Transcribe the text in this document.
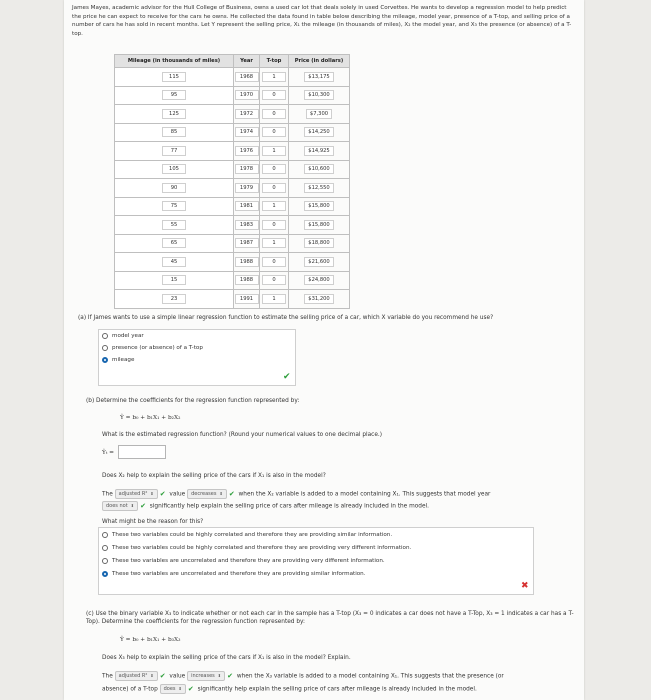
James Mayes, academic advisor for the Hull College of Business, owns a used car lot that deals solely in used Corvettes. He wants to develop a regression model to help predict the price he can expect to receive for the cars he owns. He collected the data found in table below describing the mileage, model year, presence of a T-top, and selling price of a number of cars he has sold in recent months. Let Y represent the selling price, X₁ the mileage (in thousands of miles), X₂ the model year, and X₃ the presence (or absence) of a T-top.
Mileage (in thousands of miles)	Year	T-top	Price (in dollars)
115	1968	1	$13,175
95	1970	0	$10,300
125	1972	0	$7,300
85	1974	0	$14,250
77	1976	1	$14,925
105	1978	0	$10,600
90	1979	0	$12,550
75	1981	1	$15,800
55	1983	0	$15,800
65	1987	1	$18,800
45	1988	0	$21,600
15	1988	0	$24,800
23	1991	1	$31,200
(a) If James wants to use a simple linear regression function to estimate the selling price of a car, which X variable do you recommend he use?
model year
presence (or absence) of a T-top
mileage
✔
(b) Determine the coefficients for the regression function represented by:
Ŷ = b₀ + b₁X₁ + b₂X₂
What is the estimated regression function? (Round your numerical values to one decimal place.)
Ŷₜ =
Does X₂ help to explain the selling price of the cars if X₁ is also in the model?
The adjusted R² ⬍ ✔ value decreases ⬍ ✔ when the X₂ variable is added to a model containing X₁. This suggests that model year
does not ⬍ ✔ significantly help explain the selling price of cars after mileage is already included in the model.
What might be the reason for this?
These two variables could be highly correlated and therefore they are providing similar information.
These two variables could be highly correlated and therefore they are providing very different information.
These two variables are uncorrelated and therefore they are providing very different information.
These two variables are uncorrelated and therefore they are providing similar information.
✖
(c) Use the binary variable X₃ to indicate whether or not each car in the sample has a T-top (X₃ = 0 indicates a car does not have a T-Top, X₃ = 1 indicates a car has a T-Top). Determine the coefficients for the regression function represented by:
Ŷ = b₀ + b₁X₁ + b₃X₃
Does X₃ help to explain the selling price of the cars if X₁ is also in the model? Explain.
The adjusted R² ⬍ ✔ value increases ⬍ ✔ when the X₃ variable is added to a model containing X₁. This suggests that the presence (or
absence) of a T-top does ⬍ ✔ significantly help explain the selling price of cars after mileage is already included in the model.
